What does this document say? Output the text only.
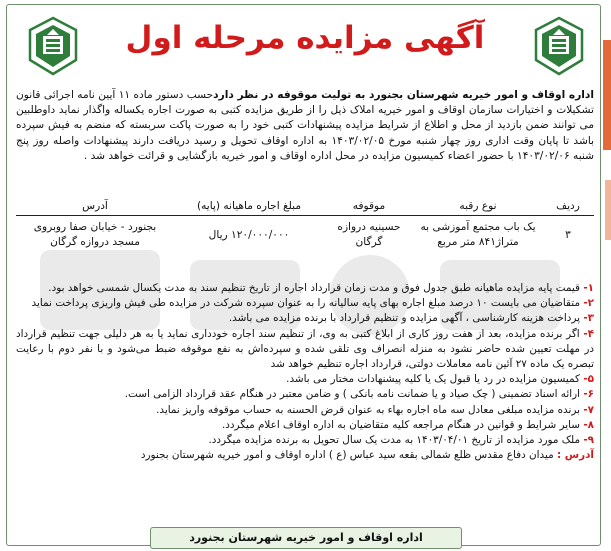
آگهی مزایده مرحله اول
اداره اوقاف و امور خیریه شهرستان بجنورد به تولیت موقوفه در نظر داردحسب دستور ماده ۱۱ آیین نامه اجرائی قانون تشکیلات و اختیارات سازمان اوقاف و امور خیریه املاک ذیل را از طریق مزایده کتبی به صورت اجاره یکساله واگذار نماید داوطلبین می توانند ضمن بازدید از محل و اطلاع از شرایط مزایده پیشنهادات کتبی خود را به صورت پاکت سربسته که منضم به فیش سپرده باشد تا پایان وقت اداری روز چهار شنبه مورخ ۱۴۰۳/۰۲/۰۵ به اداره اوقاف تحویل و رسید دریافت دارند پیشنهادات واصله روز پنج شنبه ۱۴۰۳/۰۲/۰۶ با حضور اعضاء کمیسیون مزایده در محل اداره اوقاف و امور خیریه بازگشایی و قرائت خواهد شد .
ردیف	نوع رقبه	موقوفه	مبلغ اجاره ماهیانه (پایه)	آدرس
۳	یک باب مجتمع آموزشی به متراژ۸۴۱ متر مربع	حسینیه دروازه گرگان	۱۲۰/۰۰۰/۰۰۰ ریال	بجنورد - خیابان صفا روبروی مسجد دروازه گرگان

۱- قیمت پایه مزایده ماهیانه طبق جدول فوق و مدت زمان قرارداد اجاره از تاریخ تنظیم سند به مدت یکسال شمسی خواهد بود.

۲- متقاضیان می بایست ۱۰ درصد مبلغ اجاره بهای پایه سالیانه را به عنوان سپرده شرکت در مزایده طی فیش واریزی پرداخت نماید

۳- پرداخت هزینه کارشناسی ، آگهی مزایده و تنظیم قرارداد با برنده مزایده می باشد.

۴- اگر برنده مزایده، بعد از هفت روز کاری از ابلاغ کتبی به وی، از تنظیم سند اجاره خودداری نماید یا به هر دلیلی جهت تنظیم قرارداد در مهلت تعیین شده حاضر نشود به منزله انصراف وی تلقی شده و سپرده‌اش به نفع موقوفه ضبط می‌شود و با نفر دوم با رعایت تبصره یک ماده ۲۷ آئین نامه معاملات دولتی، قرارداد اجاره تنظیم خواهد شد

۵- کمیسیون مزایده در رد یا قبول یک یا کلیه پیشنهادات مختار می باشد.

۶- ارائه اسناد تضمینی ( چک صیاد و یا ضمانت نامه بانکی ) و ضامن معتبر در هنگام عقد قرارداد الزامی است.

۷- برنده مزایده مبلغی معادل سه ماه اجاره بهاء به عنوان قرض الحسنه به حساب موقوفه واریز نماید.

۸- سایر شرایط و قوانین در هنگام مراجعه کلیه متقاضیان به اداره اوقاف اعلام میگردد.

۹- ملک مورد مزایده از تاریخ ۱۴۰۳/۰۴/۰۱ به مدت یک سال تحویل به برنده مزایده میگردد.

آدرس : میدان دفاع مقدس ظلع شمالی بقعه سید عباس (ع ) اداره اوقاف و امور خیریه شهرستان بجنورد

اداره اوقاف و امور خیریه شهرستان بجنورد
